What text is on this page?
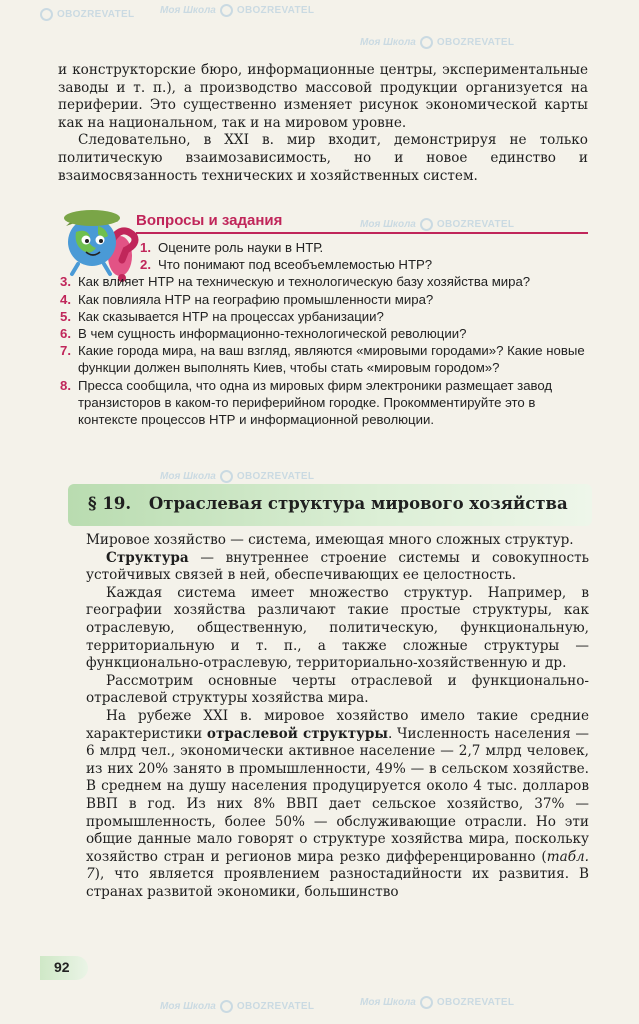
Моя Школа OBOZREVATEL
Моя Школа OBOZREVATEL
OBOZREVATEL
Моя Школа OBOZREVATEL
Моя Школа OBOZREVATEL
Моя Школа OBOZREVATEL	Моя Школа OBOZREVATEL

и конструкторские бюро, информационные центры, экспериментальные заводы и т. п.), а производство массовой продукции организуется на периферии. Это существенно изменяет рисунок экономической карты как на национальном, так и на мировом уровне.

Следовательно, в XXI в. мир входит, демонстрируя не только политическую взаимозависимость, но и новое единство и взаимосвязанность технических и хозяйственных систем.

Вопросы и задания
1. Оцените роль науки в НТР.
2. Что понимают под всеобъемлемостью НТР?
3. Как влияет НТР на техническую и технологическую базу хозяйства мира?
4. Как повлияла НТР на географию промышленности мира?
5. Как сказывается НТР на процессах урбанизации?
6. В чем сущность информационно-технологической революции?
7. Какие города мира, на ваш взгляд, являются «мировыми городами»? Какие новые функции должен выполнять Киев, чтобы стать «мировым городом»?
8. Пресса сообщила, что одна из мировых фирм электроники размещает завод транзисторов в каком-то периферийном городке. Прокомментируйте это в контексте процессов НТР и информационной революции.
§ 19. Отраслевая структура мирового хозяйства

Мировое хозяйство — система, имеющая много сложных структур.

Структура — внутреннее строение системы и совокупность устойчивых связей в ней, обеспечивающих ее целостность.

Каждая система имеет множество структур. Например, в географии хозяйства различают такие простые структуры, как отраслевую, общественную, политическую, функциональную, территориальную и т. п., а также сложные структуры — функционально-отраслевую, территориально-хозяйственную и др.

Рассмотрим основные черты отраслевой и функционально-отраслевой структуры хозяйства мира.

На рубеже XXI в. мировое хозяйство имело такие средние характеристики отраслевой структуры. Численность населения — 6 млрд чел., экономически активное население — 2,7 млрд человек, из них 20% занято в промышленности, 49% — в сельском хозяйстве. В среднем на душу населения продуцируется около 4 тыс. долларов ВВП в год. Из них 8% ВВП дает сельское хозяйство, 37% — промышленность, более 50% — обслуживающие отрасли. Но эти общие данные мало говорят о структуре хозяйства мира, поскольку хозяйство стран и регионов мира резко дифференцированно (табл. 7), что является проявлением разностадийности их развития. В странах развитой экономики, большинство

92
